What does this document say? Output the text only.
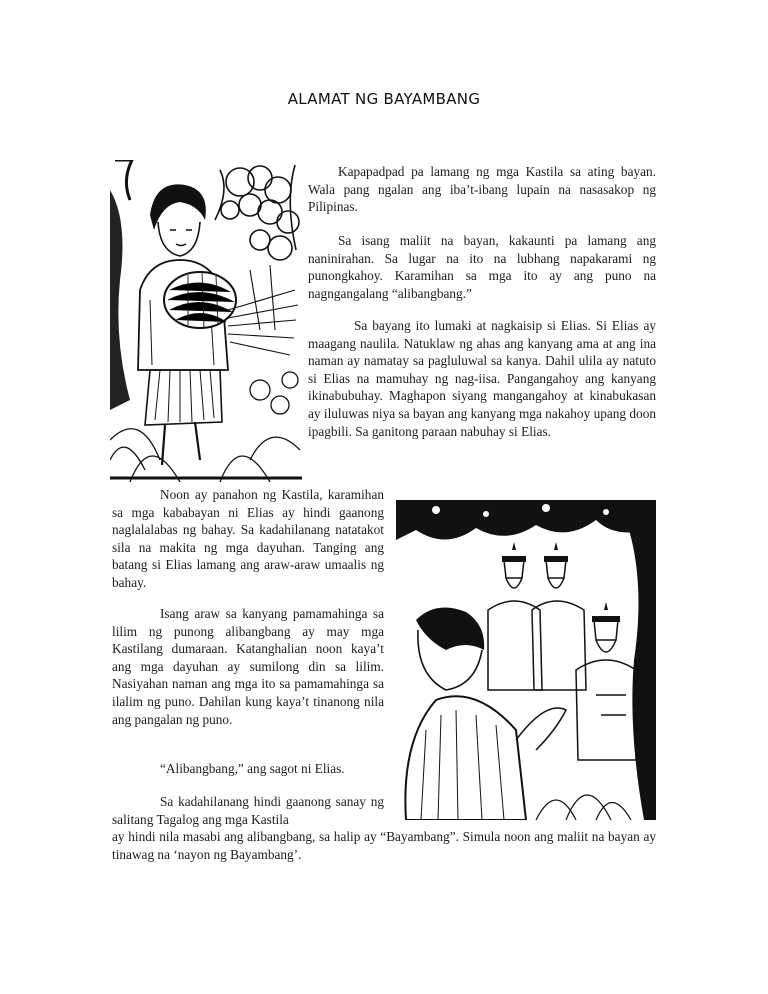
ALAMAT NG BAYAMBANG

Kapapadpad pa lamang ng mga Kastila sa ating bayan. Wala pang ngalan ang iba’t-ibang lupain na nasasakop ng Pilipinas.

Sa isang maliit na bayan, kakaunti pa lamang ang naninirahan. Sa lugar na ito na lubhang napakarami ng punongkahoy. Karamihan sa mga ito ay ang puno na nagngangalang “alibangbang.”

Sa bayang ito lumaki at nagkaisip si Elias. Si Elias ay maagang naulila. Natuklaw ng ahas ang kanyang ama at ang ina naman ay namatay sa pagluluwal sa kanya. Dahil ulila ay natuto si Elias na mamuhay ng nag-iisa. Pangangahoy ang kanyang ikinabubuhay. Maghapon siyang mangangahoy at kinabukasan ay iluluwas niya sa bayan ang kanyang mga nakahoy upang doon ipagbili. Sa ganitong paraan nabuhay si Elias.

Noon ay panahon ng Kastila, karamihan sa mga kababayan ni Elias ay hindi gaanong naglalalabas ng bahay. Sa kadahilanang natatakot sila na makita ng mga dayuhan. Tanging ang batang si Elias lamang ang araw-araw umaalis ng bahay.

Isang araw sa kanyang pamamahinga sa lilim ng punong alibangbang ay may mga Kastilang dumaraan. Katanghalian noon kaya’t ang mga dayuhan ay sumilong din sa lilim. Nasiyahan naman ang mga ito sa pamamahinga sa ilalim ng puno. Dahilan kung kaya’t tinanong nila ang pangalan ng puno.

“Alibangbang,” ang sagot ni Elias.

Sa kadahilanang hindi gaanong sanay ng salitang Tagalog ang mga Kastila

ay hindi nila masabi ang alibangbang, sa halip ay “Bayambang”. Simula noon ang maliit na bayan ay tinawag na ‘nayon ng Bayambang’.
